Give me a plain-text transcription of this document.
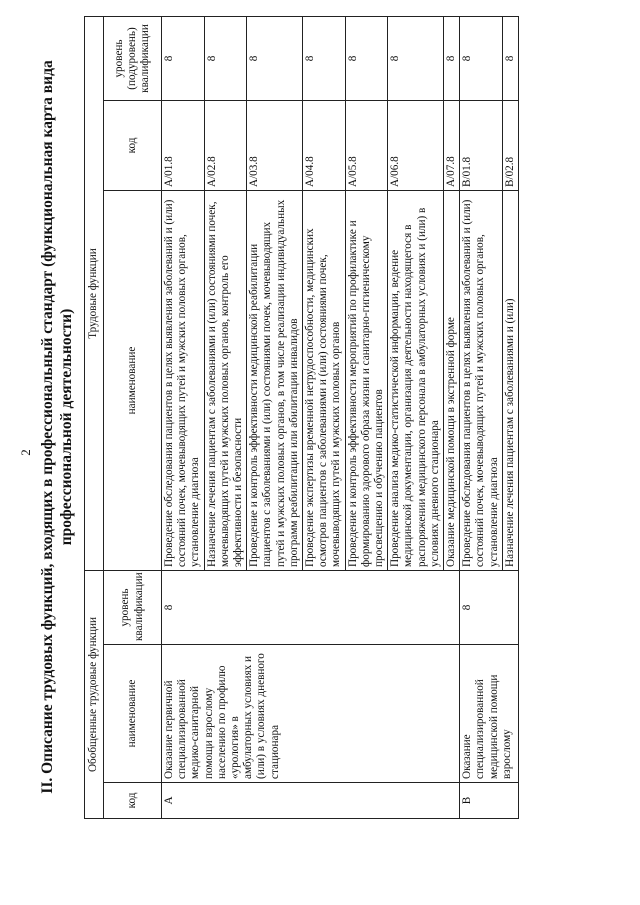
2 II. Описание трудовых функций, входящих в профессиональный стандарт (функциональная карта вида профессиональной деятельности)
Обобщенные трудовые функции			Трудовые функции		
код	наименование	уровень квалификации	наименование	код	уровень (подуровень) квалификации
A	Оказание первичной специализированной медико-санитарной помощи взрослому населению по профилю «урология» в амбулаторных условиях и (или) в условиях дневного стационара	8	Проведение обследования пациентов в целях выявления заболеваний и (или) состояний почек, мочевыводящих путей и мужских половых органов, установление диагноза	A/01.8	8
			Назначение лечения пациентам с заболеваниями и (или) состояниями почек, мочевыводящих путей и мужских половых органов, контроль его эффективности и безопасности	A/02.8	8
			Проведение и контроль эффективности медицинской реабилитации пациентов с заболеваниями и (или) состояниями почек, мочевыводящих путей и мужских половых органов, в том числе реализации индивидуальных программ реабилитации или абилитации инвалидов	A/03.8	8
			Проведение экспертизы временной нетрудоспособности, медицинских осмотров пациентов с заболеваниями и (или) состояниями почек, мочевыводящих путей и мужских половых органов	A/04.8	8
			Проведение и контроль эффективности мероприятий по профилактике и формированию здорового образа жизни и санитарно-гигиеническому просвещению и обучению пациентов	A/05.8	8
			Проведение анализа медико-статистической информации, ведение медицинской документации, организация деятельности находящегося в распоряжении медицинского персонала в амбулаторных условиях и (или) в условиях дневного стационара	A/06.8	8
			Оказание медицинской помощи в экстренной форме	A/07.8	8
B	Оказание специализированной медицинской помощи взрослому	8	Проведение обследования пациентов в целях выявления заболеваний и (или) состояний почек, мочевыводящих путей и мужских половых органов, установление диагноза	B/01.8	8
			Назначение лечения пациентам с заболеваниями и (или)	B/02.8	8
